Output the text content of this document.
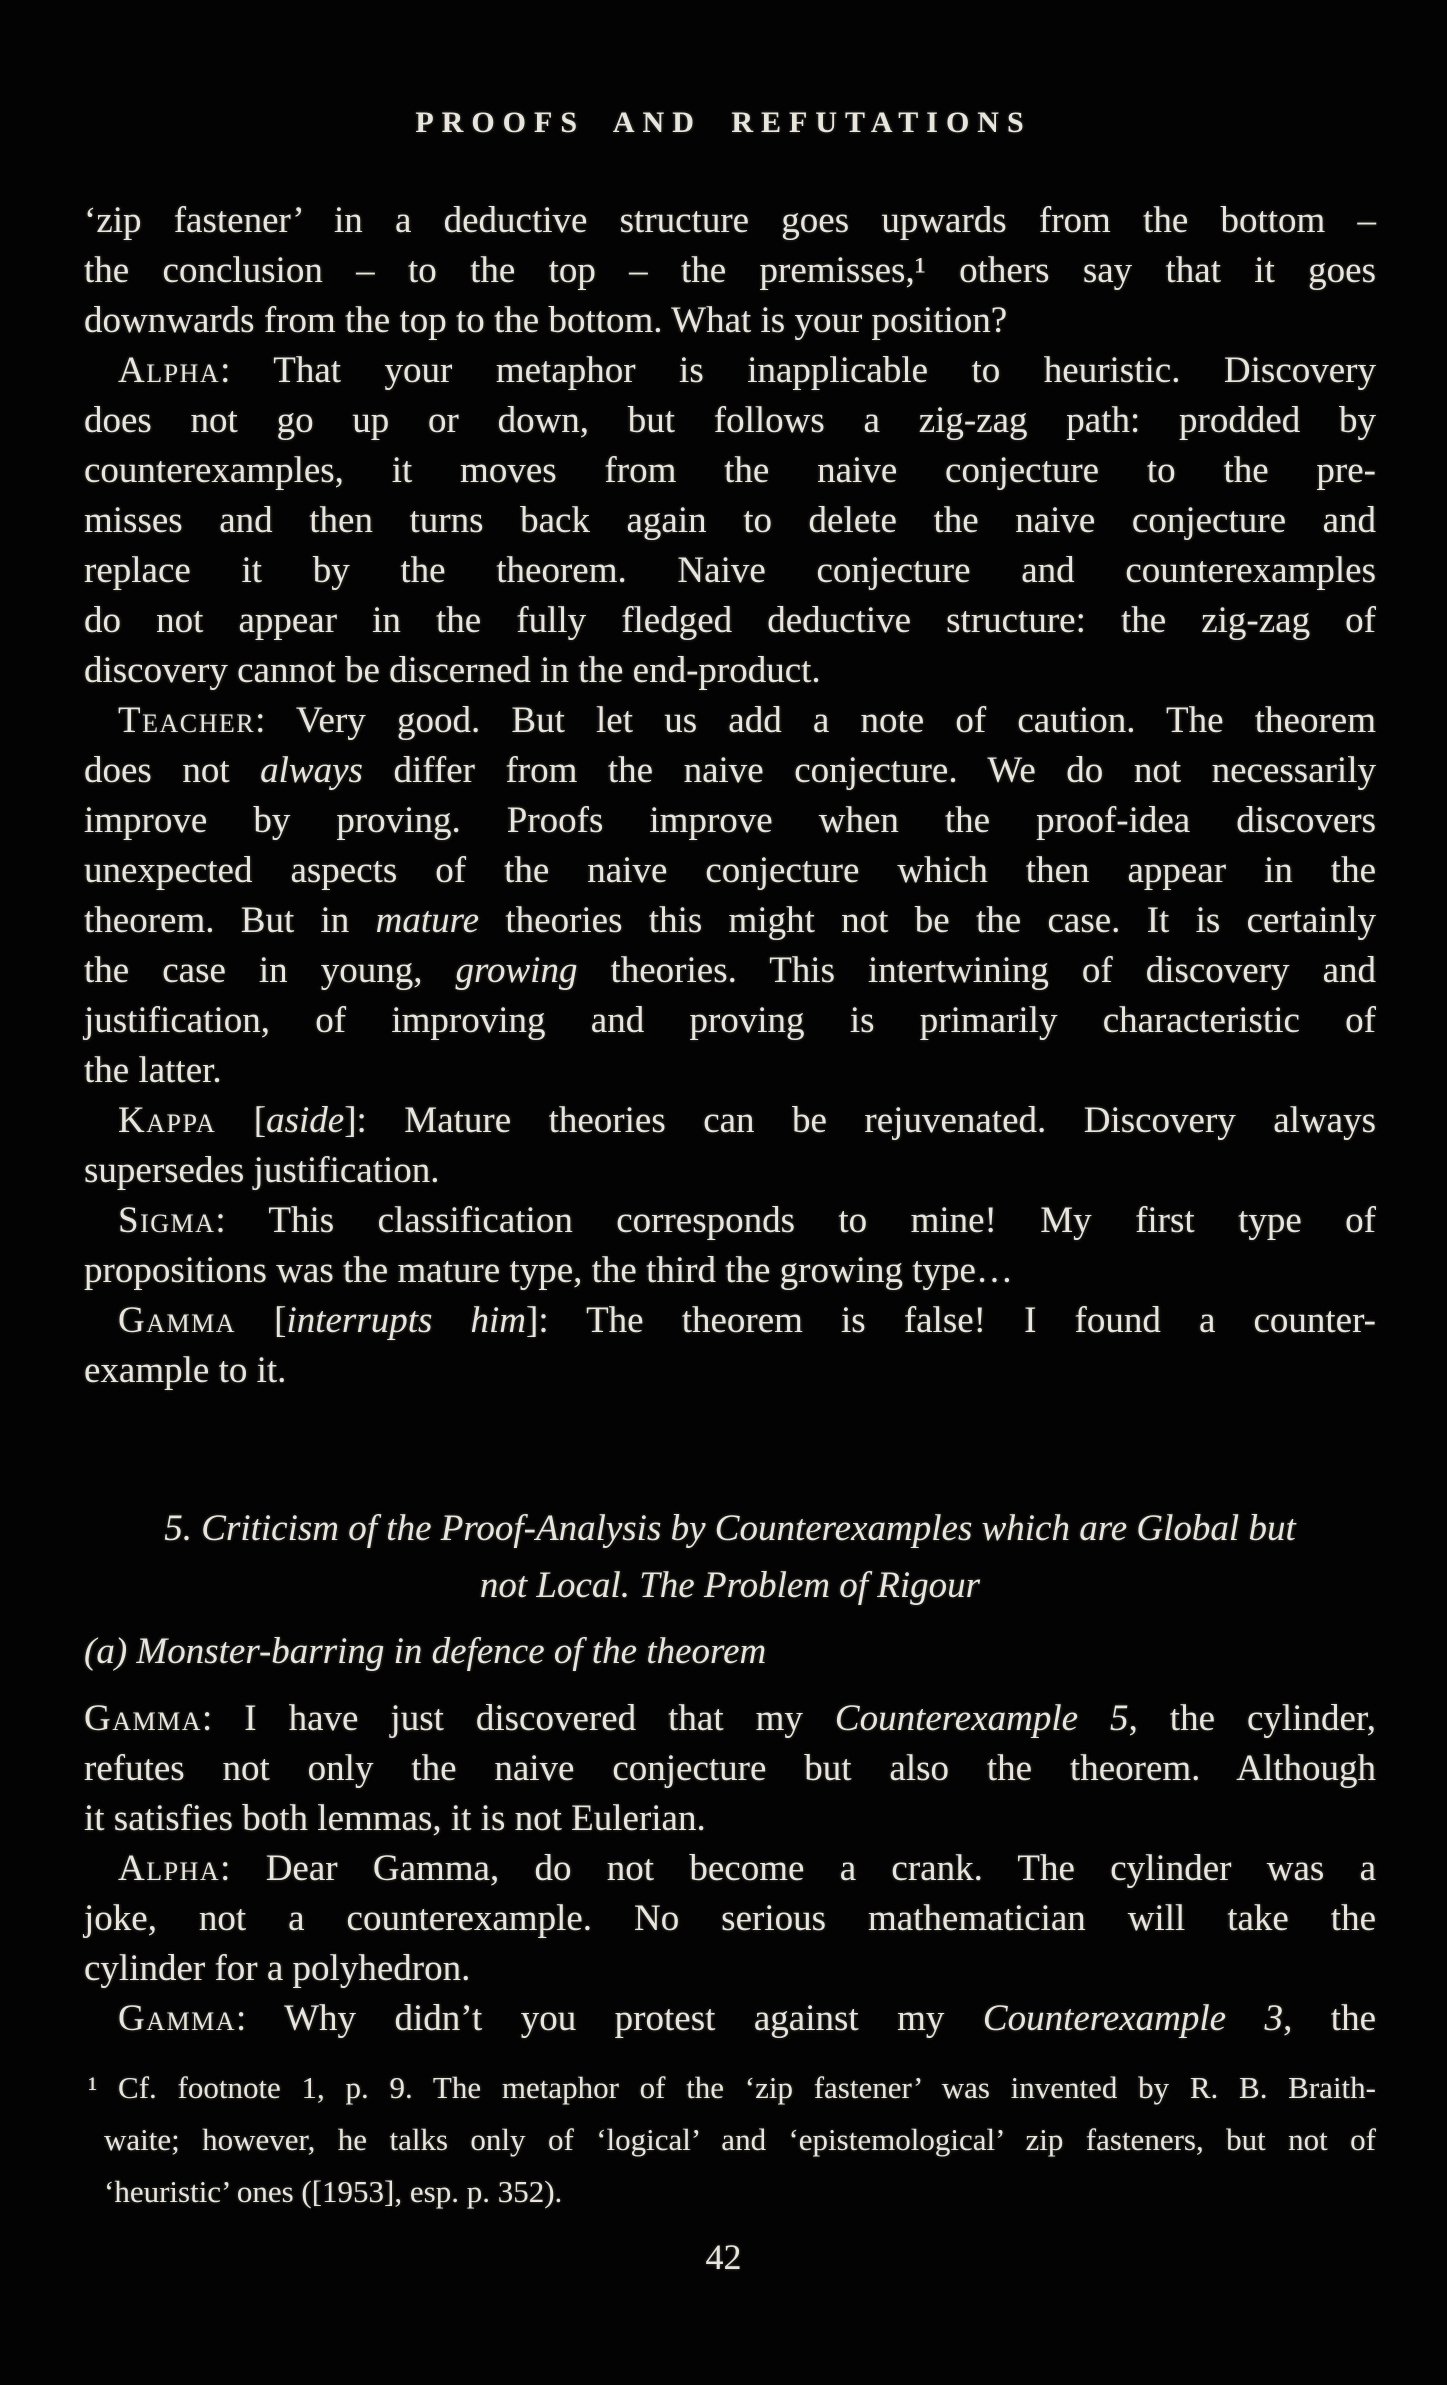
PROOFS AND REFUTATIONS
‘zip fastener’ in a deductive structure goes upwards from the bottom –
the conclusion – to the top – the premisses,¹ others say that it goes
downwards from the top to the bottom. What is your position?
Alpha: That your metaphor is inapplicable to heuristic. Discovery
does not go up or down, but follows a zig-zag path: prodded by
counterexamples, it moves from the naive conjecture to the pre-
misses and then turns back again to delete the naive conjecture and
replace it by the theorem. Naive conjecture and counterexamples
do not appear in the fully fledged deductive structure: the zig-zag of
discovery cannot be discerned in the end-product.
Teacher: Very good. But let us add a note of caution. The theorem
does not always differ from the naive conjecture. We do not necessarily
improve by proving. Proofs improve when the proof-idea discovers
unexpected aspects of the naive conjecture which then appear in the
theorem. But in mature theories this might not be the case. It is certainly
the case in young, growing theories. This intertwining of discovery and
justification, of improving and proving is primarily characteristic of
the latter.
Kappa [aside]: Mature theories can be rejuvenated. Discovery always
supersedes justification.
Sigma: This classification corresponds to mine! My first type of
propositions was the mature type, the third the growing type…
Gamma [interrupts him]: The theorem is false! I found a counter-
example to it.
5. Criticism of the Proof-Analysis by Counterexamples which are Global but
not Local. The Problem of Rigour
(a) Monster-barring in defence of the theorem
Gamma: I have just discovered that my Counterexample 5, the cylinder,
refutes not only the naive conjecture but also the theorem. Although
it satisfies both lemmas, it is not Eulerian.
Alpha: Dear Gamma, do not become a crank. The cylinder was a
joke, not a counterexample. No serious mathematician will take the
cylinder for a polyhedron.
Gamma: Why didn’t you protest against my Counterexample 3, the
¹ Cf. footnote 1, p. 9. The metaphor of the ‘zip fastener’ was invented by R. B. Braith-
waite; however, he talks only of ‘logical’ and ‘epistemological’ zip fasteners, but not of
‘heuristic’ ones ([1953], esp. p. 352).
42
